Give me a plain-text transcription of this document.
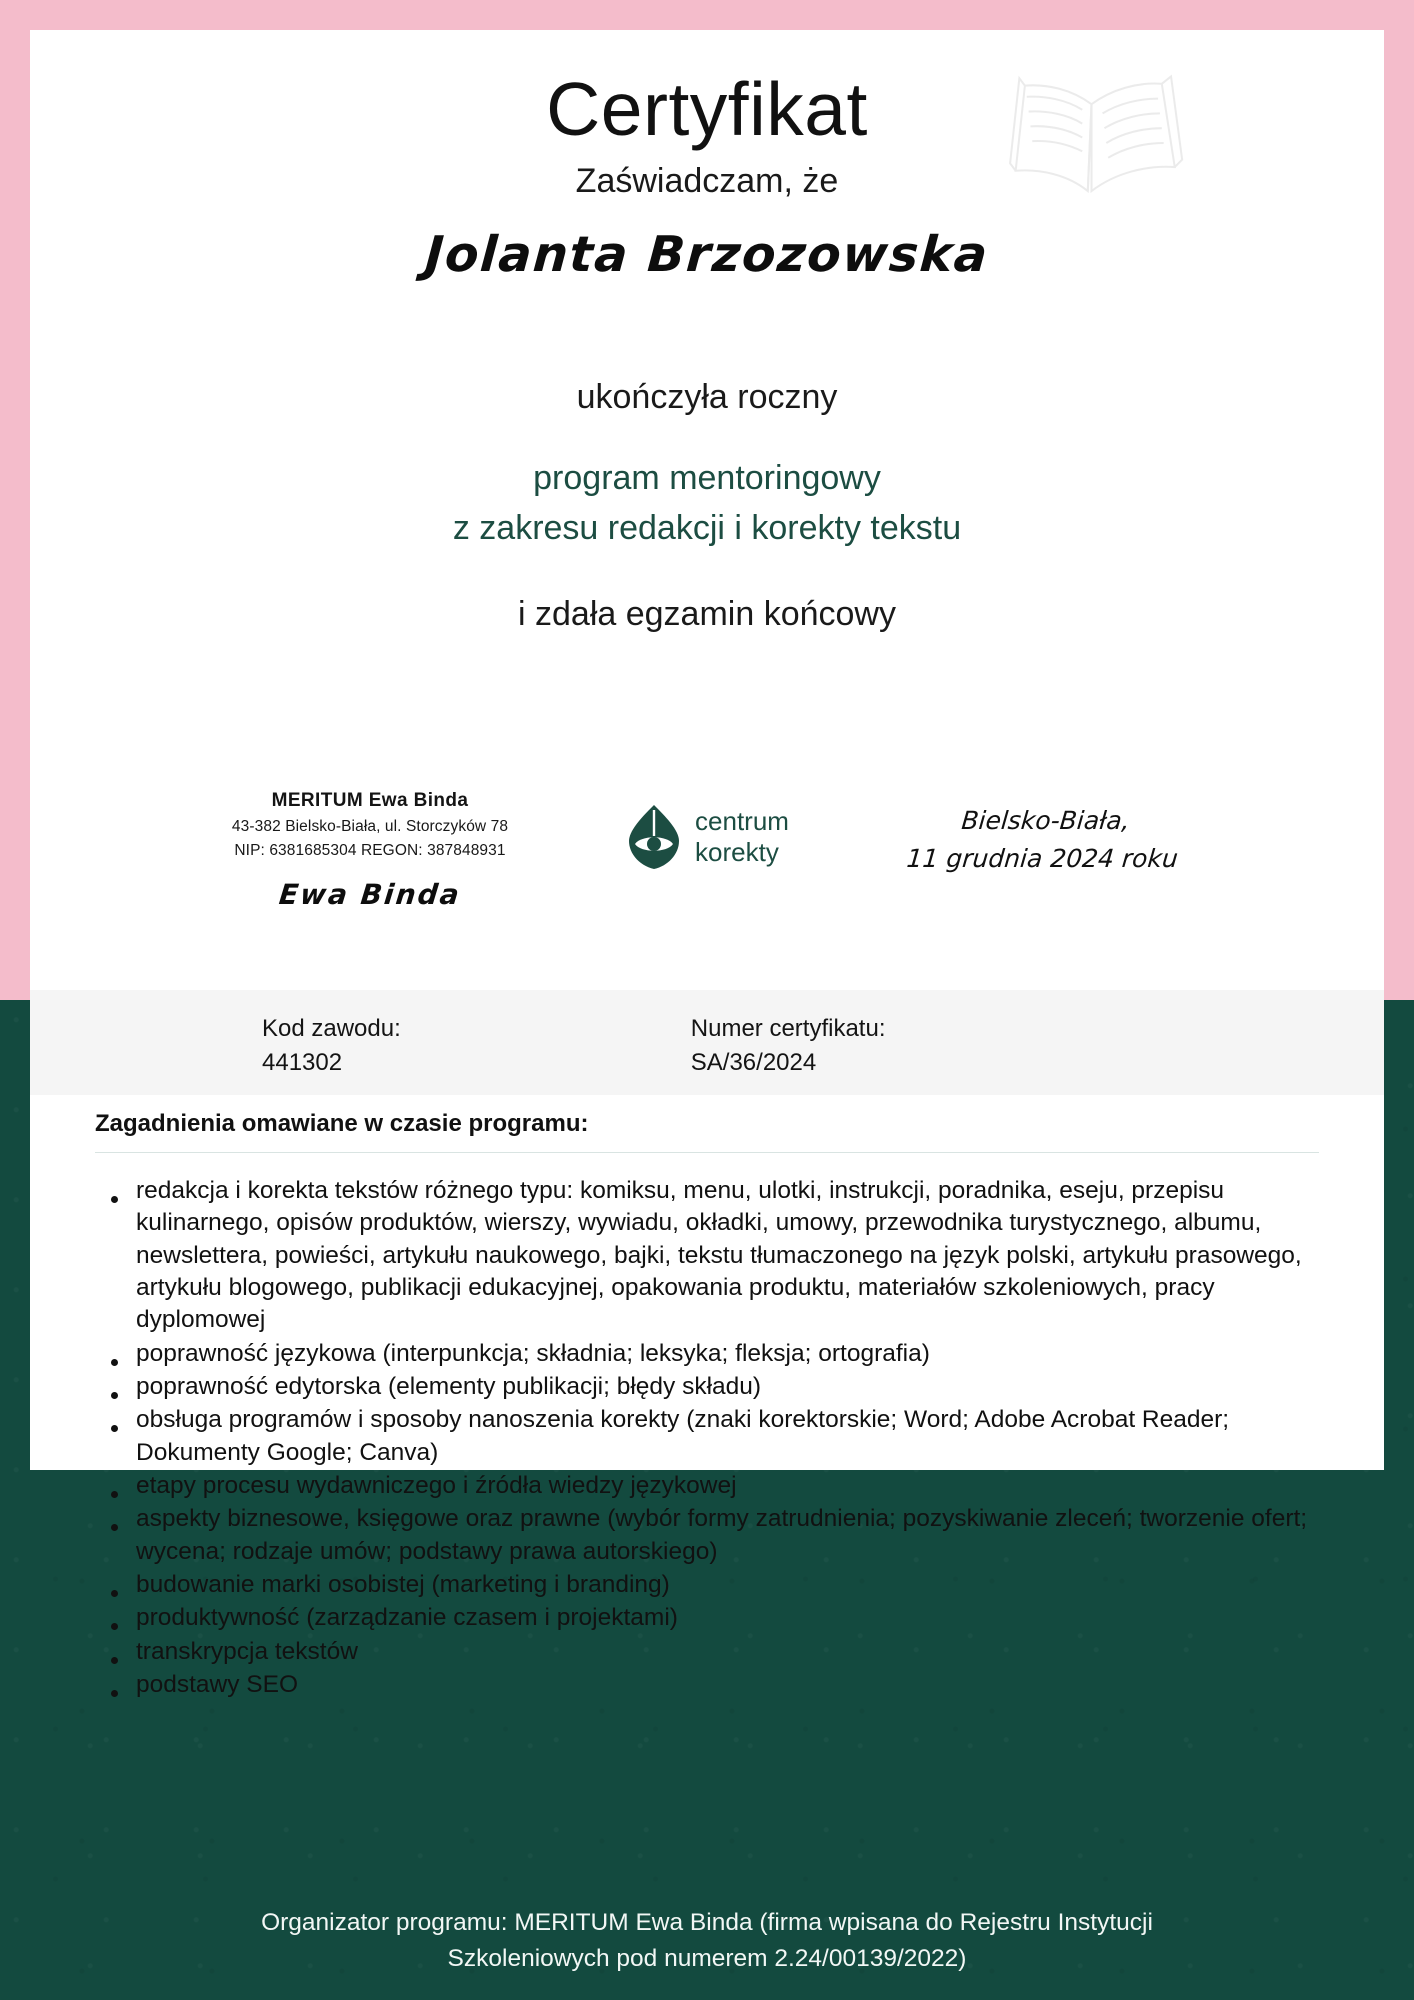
Certyfikat
Zaświadczam, że
Jolanta Brzozowska
ukończyła roczny
program mentoringowy
z zakresu redakcji i korekty tekstu
i zdała egzamin końcowy
MERITUM Ewa Binda
43-382 Bielsko-Biała, ul. Storczyków 78
NIP: 6381685304 REGON: 387848931
Ewa Binda
centrum
korekty
Bielsko-Biała,
11 grudnia 2024 roku
Kod zawodu:
441302
Numer certyfikatu:
SA/36/2024
Zagadnienia omawiane w czasie programu:
redakcja i korekta tekstów różnego typu: komiksu, menu, ulotki, instrukcji, poradnika, eseju, przepisu kulinarnego, opisów produktów, wierszy, wywiadu, okładki, umowy, przewodnika turystycznego, albumu, newslettera, powieści, artykułu naukowego, bajki, tekstu tłumaczonego na język polski, artykułu prasowego, artykułu blogowego, publikacji edukacyjnej, opakowania produktu, materiałów szkoleniowych, pracy dyplomowej
poprawność językowa (interpunkcja; składnia; leksyka; fleksja; ortografia)
poprawność edytorska (elementy publikacji; błędy składu)
obsługa programów i sposoby nanoszenia korekty (znaki korektorskie; Word; Adobe Acrobat Reader; Dokumenty Google; Canva)
etapy procesu wydawniczego i źródła wiedzy językowej
aspekty biznesowe, księgowe oraz prawne (wybór formy zatrudnienia; pozyskiwanie zleceń; tworzenie ofert; wycena; rodzaje umów; podstawy prawa autorskiego)
budowanie marki osobistej (marketing i branding)
produktywność (zarządzanie czasem i projektami)
transkrypcja tekstów
podstawy SEO
Organizator programu: MERITUM Ewa Binda (firma wpisana do Rejestru Instytucji
Szkoleniowych pod numerem 2.24/00139/2022)
